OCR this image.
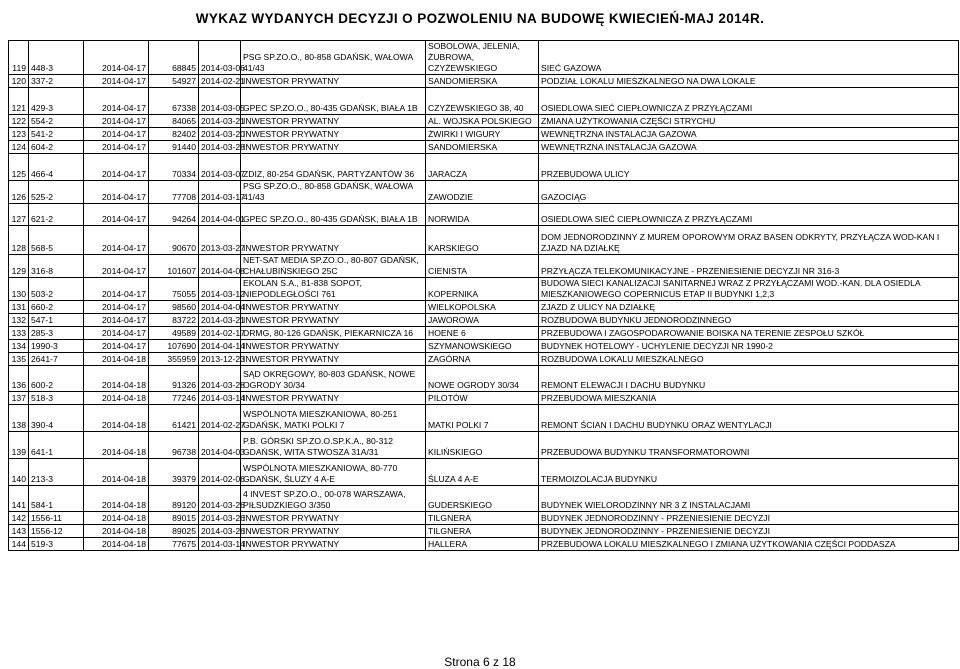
WYKAZ WYDANYCH DECYZJI O POZWOLENIU NA BUDOWĘ KWIECIEŃ-MAJ 2014R.
119	448-3	2014-04-17	68845	2014-03-06	PSG SP.ZO.O., 80-858 GDAŃSK, WAŁOWA 41/43	SOBOLOWA, JELENIA, ŻUBROWA, CZYŻEWSKIEGO	SIEĆ GAZOWA
120	337-2	2014-04-17	54927	2014-02-21	INWESTOR PRYWATNY	SANDOMIERSKA	PODZIAŁ LOKALU MIESZKALNEGO NA DWA LOKALE
121	429-3	2014-04-17	67338	2014-03-05	GPEC SP.ZO.O., 80-435 GDAŃSK, BIAŁA 1B	CZYŻEWSKIEGO 38, 40	OSIEDLOWA SIEĆ CIEPŁOWNICZA Z PRZYŁĄCZAMI
122	554-2	2014-04-17	84065	2014-03-21	INWESTOR PRYWATNY	AL. WOJSKA POLSKIEGO	ZMIANA UŻYTKOWANIA CZĘŚCI STRYCHU
123	541-2	2014-04-17	82402	2014-03-20	INWESTOR PRYWATNY	ŻWIRKI I WIGURY	WEWNĘTRZNA INSTALACJA GAZOWA
124	604-2	2014-04-17	91440	2014-03-28	INWESTOR PRYWATNY	SANDOMIERSKA	WEWNĘTRZNA INSTALACJA GAZOWA
125	466-4	2014-04-17	70334	2014-03-07	ZDIZ, 80-254 GDAŃSK, PARTYZANTÓW 36	JARACZA	PRZEBUDOWA ULICY
126	525-2	2014-04-17	77708	2014-03-17	PSG SP.ZO.O., 80-858 GDAŃSK, WAŁOWA 41/43	ZAWODZIE	GAZOCIĄG
127	621-2	2014-04-17	94264	2014-04-01	GPEC SP.ZO.O., 80-435 GDAŃSK, BIAŁA 1B	NORWIDA	OSIEDLOWA SIEĆ CIEPŁOWNICZA Z PRZYŁĄCZAMI
128	568-5	2014-04-17	90670	2013-03-27	INWESTOR PRYWATNY	KARSKIEGO	DOM JEDNORODZINNY Z MUREM OPOROWYM ORAZ BASEN ODKRYTY, PRZYŁĄCZA WOD-KAN I ZJAZD NA DZIAŁKĘ
129	316-8	2014-04-17	101607	2014-04-08	NET-SAT MEDIA SP.ZO.O., 80-807 GDAŃSK, CHAŁUBIŃSKIEGO 25C	CIENISTA	PRZYŁĄCZA TELEKOMUNIKACYJNE - PRZENIESIENIE DECYZJI NR 316-3
130	503-2	2014-04-17	75055	2014-03-12	EKOLAN S.A., 81-838 SOPOT, NIEPODLEGŁOŚCI 761	KOPERNIKA	BUDOWA SIECI KANALIZACJI SANITARNEJ WRAZ Z PRZYŁĄCZAMI WOD.-KAN. DLA OSIEDLA MIESZKANIOWEGO COPERNICUS ETAP II BUDYNKI 1,2,3
131	660-2	2014-04-17	98560	2014-04-04	INWESTOR PRYWATNY	WIELKOPOLSKA	ZJAZD Z ULICY NA DZIAŁKĘ
132	547-1	2014-04-17	83722	2014-03-21	INWESTOR PRYWATNY	JAWOROWA	ROZBUDOWA BUDYNKU JEDNORODZINNEGO
133	285-3	2014-04-17	49589	2014-02-17	DRMG, 80-126 GDAŃSK, PIEKARNICZA 16	HOENE 6	PRZEBUDOWA I ZAGOSPODAROWANIE BOISKA NA TERENIE ZESPOŁU SZKÓŁ
134	1990-3	2014-04-17	107690	2014-04-14	INWESTOR PRYWATNY	SZYMANOWSKIEGO	BUDYNEK HOTELOWY - UCHYLENIE DECYZJI NR 1990-2
135	2641-7	2014-04-18	355959	2013-12-23	INWESTOR PRYWATNY	ZAGÓRNA	ROZBUDOWA LOKALU MIESZKALNEGO
136	600-2	2014-04-18	91326	2014-03-28	SĄD OKRĘGOWY, 80-803 GDAŃSK, NOWE OGRODY 30/34	NOWE OGRODY 30/34	REMONT ELEWACJI I DACHU BUDYNKU
137	518-3	2014-04-18	77246	2014-03-14	INWESTOR PRYWATNY	PILOTÓW	PRZEBUDOWA MIESZKANIA
138	390-4	2014-04-18	61421	2014-02-27	WSPÓLNOTA MIESZKANIOWA, 80-251 GDAŃSK, MATKI POLKI 7	MATKI POLKI 7	REMONT ŚCIAN I DACHU BUDYNKU ORAZ WENTYLACJI
139	641-1	2014-04-18	96738	2014-04-03	P.B. GÓRSKI SP.ZO.O.SP.K.A., 80-312 GDAŃSK, WITA STWOSZA 31A/31	KILIŃSKIEGO	PRZEBUDOWA BUDYNKU TRANSFORMATOROWNI
140	213-3	2014-04-18	39379	2014-02-06	WSPÓLNOTA MIESZKANIOWA, 80-770 GDAŃSK, ŚLUZY 4 A-E	ŚLUZA 4 A-E	TERMOIZOLACJA BUDYNKU
141	584-1	2014-04-18	89120	2014-03-26	4 INVEST SP.ZO.O., 00-078 WARSZAWA, PIŁSUDZKIEGO 3/350	GUDERSKIEGO	BUDYNEK WIELORODZINNY NR 3 Z INSTALACJAMI
142	1556-11	2014-04-18	89015	2014-03-26	INWESTOR PRYWATNY	TILGNERA	BUDYNEK JEDNORODZINNY - PRZENIESIENIE DECYZJI
143	1556-12	2014-04-18	89025	2014-03-26	INWESTOR PRYWATNY	TILGNERA	BUDYNEK JEDNORODZINNY - PRZENIESIENIE DECYZJI
144	519-3	2014-04-18	77675	2014-03-14	INWESTOR PRYWATNY	HALLERA	PRZEBUDOWA LOKALU MIESZKALNEGO I ZMIANA UŻYTKOWANIA CZĘŚCI PODDASZA
Strona 6 z 18
